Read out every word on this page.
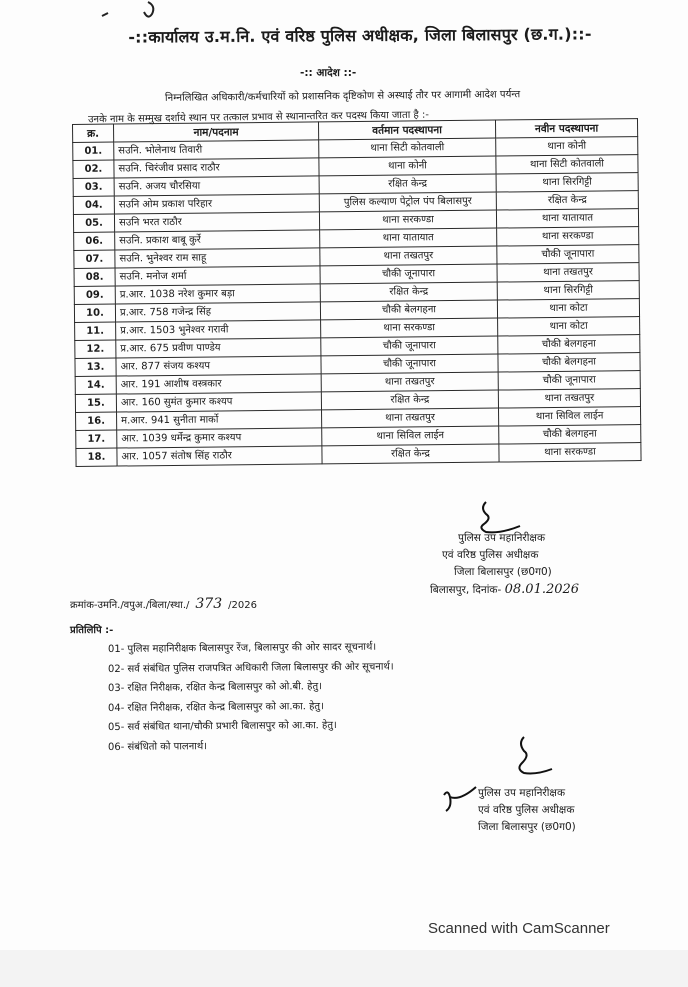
-::कार्यालय उ.म.नि. एवं वरिष्ठ पुलिस अधीक्षक, जिला बिलासपुर (छ.ग.)::-
-:: आदेश ::-
निम्नलिखित अधिकारी/कर्मचारियों को प्रशासनिक दृष्टिकोण से अस्थाई तौर पर आगामी आदेश पर्यन्त
उनके नाम के सम्मुख दर्शाये स्थान पर तत्काल प्रभाव से स्थानान्तरित कर पदस्थ किया जाता है :-
क्र.	नाम/पदनाम	वर्तमान पदस्थापना	नवीन पदस्थापना
01.	सउनि. भोलेनाथ तिवारी	थाना सिटी कोतवाली	थाना कोनी
02.	सउनि. चिरंजीव प्रसाद राठौर	थाना कोनी	थाना सिटी कोतवाली
03.	सउनि. अजय चौरसिया	रक्षित केन्द्र	थाना सिरगिट्टी
04.	सउनि ओम प्रकाश परिहार	पुलिस कल्याण पेट्रोल पंप बिलासपुर	रक्षित केन्द्र
05.	सउनि भरत राठौर	थाना सरकण्डा	थाना यातायात
06.	सउनि. प्रकाश बाबू कुर्रे	थाना यातायात	थाना सरकण्डा
07.	सउनि. भुनेश्वर राम साहू	थाना तखतपुर	चौकी जूनापारा
08.	सउनि. मनोज शर्मा	चौकी जूनापारा	थाना तखतपुर
09.	प्र.आर. 1038 नरेश कुमार बड़ा	रक्षित केन्द्र	थाना सिरगिट्टी
10.	प्र.आर. 758 गजेन्द्र सिंह	चौकी बेलगहना	थाना कोटा
11.	प्र.आर. 1503 भुनेश्वर गरावी	थाना सरकण्डा	थाना कोटा
12.	प्र.आर. 675 प्रवीण पाण्डेय	चौकी जूनापारा	चौकी बेलगहना
13.	आर. 877 संजय कश्यप	चौकी जूनापारा	चौकी बेलगहना
14.	आर. 191 आशीष वस्त्रकार	थाना तखतपुर	चौकी जूनापारा
15.	आर. 160 सुमंत कुमार कश्यप	रक्षित केन्द्र	थाना तखतपुर
16.	म.आर. 941 सुनीता मार्को	थाना तखतपुर	थाना सिविल लाईन
17.	आर. 1039 धर्मेन्द्र कुमार कश्यप	थाना सिविल लाईन	चौकी बेलगहना
18.	आर. 1057 संतोष सिंह राठौर	रक्षित केन्द्र	थाना सरकण्डा
पुलिस उप महानिरीक्षक
एवं वरिष्ठ पुलिस अधीक्षक
जिला बिलासपुर (छ0ग0)
बिलासपुर, दिनांक- 08.01.2026
क्रमांक-उमनि./वपुअ./बिला/स्था./ 373 /2026
प्रतिलिपि :-
01- पुलिस महानिरीक्षक बिलासपुर रेंज, बिलासपुर की ओर सादर सूचनार्थ।
02- सर्व संबंधित पुलिस राजपत्रित अधिकारी जिला बिलासपुर की ओर सूचनार्थ।
03- रक्षित निरीक्षक, रक्षित केन्द्र बिलासपुर को ओ.बी. हेतु।
04- रक्षित निरीक्षक, रक्षित केन्द्र बिलासपुर को आ.का. हेतु।
05- सर्व संबंधित थाना/चौकी प्रभारी बिलासपुर को आ.का. हेतु।
06- संबंधितो को पालनार्थ।
पुलिस उप महानिरीक्षक
एवं वरिष्ठ पुलिस अधीक्षक
जिला बिलासपुर (छ0ग0)
Scanned with CamScanner
